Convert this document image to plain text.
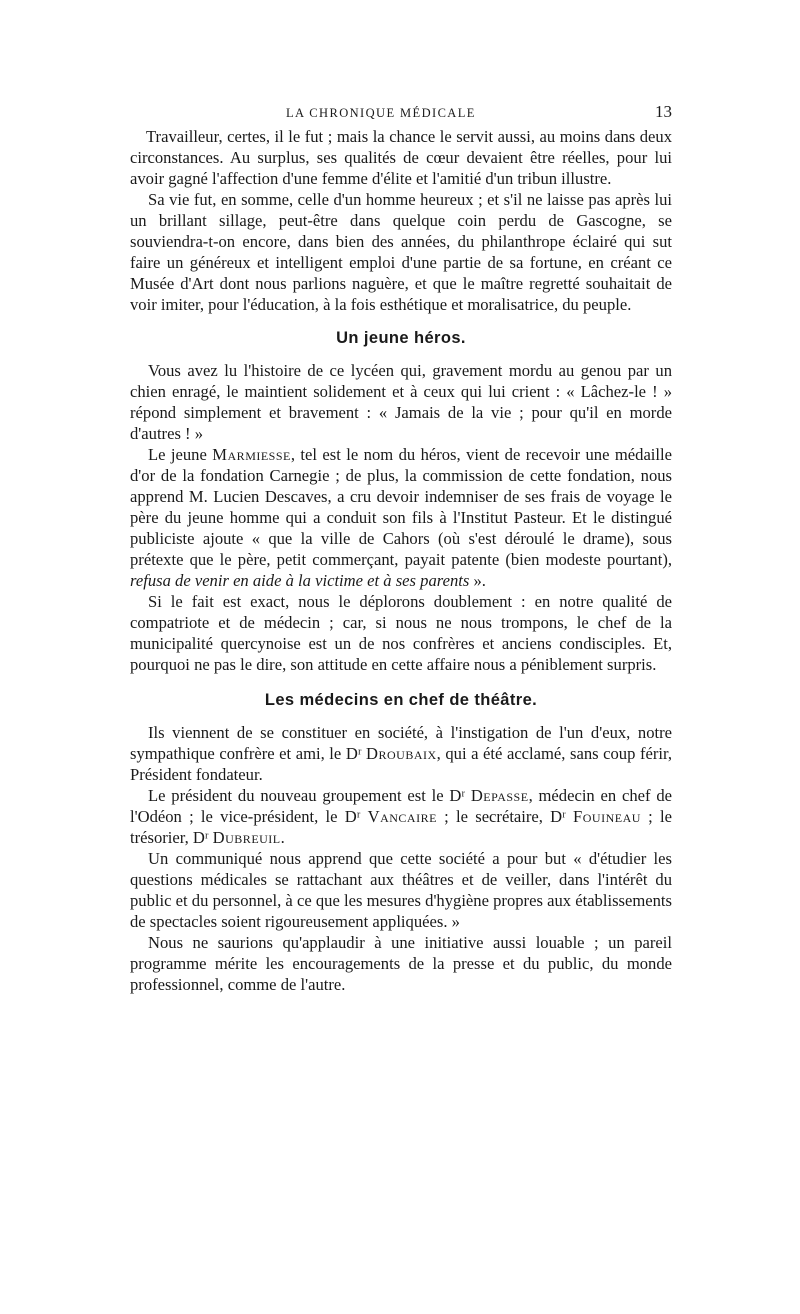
LA CHRONIQUE MÉDICALE	13

Travailleur, certes, il le fut ; mais la chance le servit aussi, au moins dans deux circonstances. Au surplus, ses qualités de cœur devaient être réelles, pour lui avoir gagné l'affection d'une femme d'élite et l'amitié d'un tribun illustre.

Sa vie fut, en somme, celle d'un homme heureux ; et s'il ne laisse pas après lui un brillant sillage, peut-être dans quelque coin perdu de Gascogne, se souviendra-t-on encore, dans bien des années, du philanthrope éclairé qui sut faire un généreux et intelligent emploi d'une partie de sa fortune, en créant ce Musée d'Art dont nous parlions naguère, et que le maître regretté souhaitait de voir imiter, pour l'éducation, à la fois esthétique et moralisatrice, du peuple.

Un jeune héros.

Vous avez lu l'histoire de ce lycéen qui, gravement mordu au genou par un chien enragé, le maintient solidement et à ceux qui lui crient : « Lâchez-le ! » répond simplement et bravement : « Jamais de la vie ; pour qu'il en morde d'autres ! »

Le jeune Marmiesse, tel est le nom du héros, vient de recevoir une médaille d'or de la fondation Carnegie ; de plus, la commission de cette fondation, nous apprend M. Lucien Descaves, a cru devoir indemniser de ses frais de voyage le père du jeune homme qui a conduit son fils à l'Institut Pasteur. Et le distingué publiciste ajoute « que la ville de Cahors (où s'est déroulé le drame), sous prétexte que le père, petit commerçant, payait patente (bien modeste pourtant), refusa de venir en aide à la victime et à ses parents ».

Si le fait est exact, nous le déplorons doublement : en notre qualité de compatriote et de médecin ; car, si nous ne nous trompons, le chef de la municipalité quercynoise est un de nos confrères et anciens condisciples. Et, pourquoi ne pas le dire, son attitude en cette affaire nous a péniblement surpris.

Les médecins en chef de théâtre.

Ils viennent de se constituer en société, à l'instigation de l'un d'eux, notre sympathique confrère et ami, le Dʳ Droubaix, qui a été acclamé, sans coup férir, Président fondateur.

Le président du nouveau groupement est le Dʳ Depasse, médecin en chef de l'Odéon ; le vice-président, le Dʳ Vancaire ; le secrétaire, Dʳ Fouineau ; le trésorier, Dʳ Dubreuil.

Un communiqué nous apprend que cette société a pour but « d'étudier les questions médicales se rattachant aux théâtres et de veiller, dans l'intérêt du public et du personnel, à ce que les mesures d'hygiène propres aux établissements de spectacles soient rigoureusement appliquées. »

Nous ne saurions qu'applaudir à une initiative aussi louable ; un pareil programme mérite les encouragements de la presse et du public, du monde professionnel, comme de l'autre.
